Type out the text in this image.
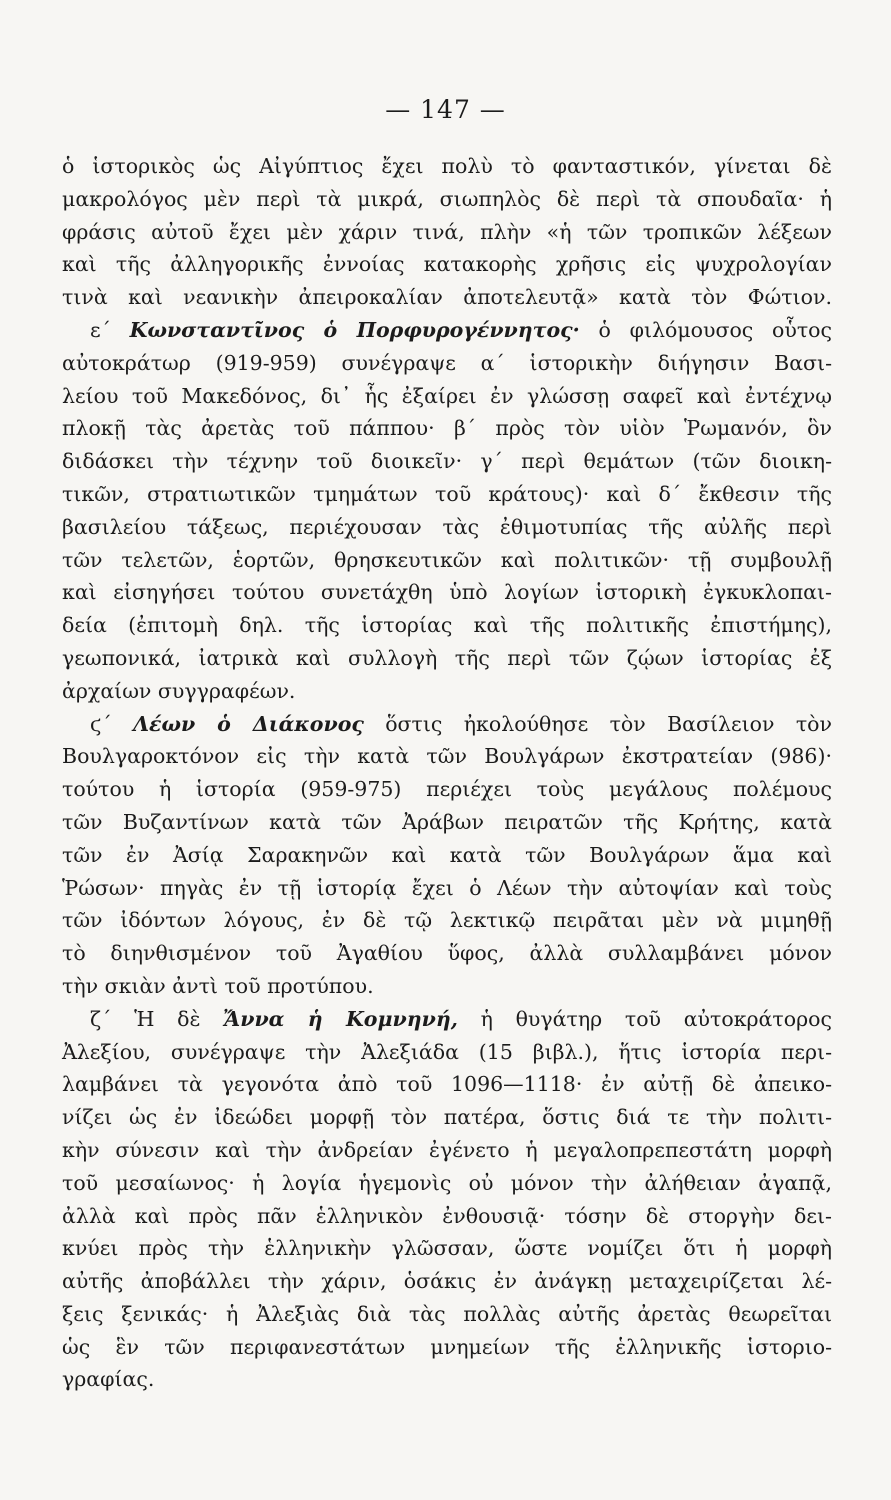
— 147 —
ὁ ἱστορικὸς ὡς Αἰγύπτιος ἔχει πολὺ τὸ φανταστικόν, γίνεται δὲ
μακρολόγος μὲν περὶ τὰ μικρά, σιωπηλὸς δὲ περὶ τὰ σπουδαῖα· ἡ
φράσις αὐτοῦ ἔχει μὲν χάριν τινά, πλὴν «ἡ τῶν τροπικῶν λέξεων
καὶ τῆς ἀλληγορικῆς ἐννοίας κατακορὴς χρῆσις εἰς ψυχρολογίαν
τινὰ καὶ νεανικὴν ἀπειροκαλίαν ἀποτελευτᾷ» κατὰ τὸν Φώτιον.
ε´ Κωνσταντῖνος ὁ Πορφυρογέννητος· ὁ φιλόμουσος οὗτος
αὐτοκράτωρ (919-959) συνέγραψε α´ ἱστορικὴν διήγησιν Βασι-
λείου τοῦ Μακεδόνος, δι᾽ ἧς ἐξαίρει ἐν γλώσσῃ σαφεῖ καὶ ἐντέχνῳ
πλοκῇ τὰς ἀρετὰς τοῦ πάππου· β´ πρὸς τὸν υἱὸν Ῥωμανόν, ὃν
διδάσκει τὴν τέχνην τοῦ διοικεῖν· γ´ περὶ θεμάτων (τῶν διοικη-
τικῶν, στρατιωτικῶν τμημάτων τοῦ κράτους)· καὶ δ´ ἔκθεσιν τῆς
βασιλείου τάξεως, περιέχουσαν τὰς ἐθιμοτυπίας τῆς αὐλῆς περὶ
τῶν τελετῶν, ἑορτῶν, θρησκευτικῶν καὶ πολιτικῶν· τῇ συμβουλῇ
καὶ εἰσηγήσει τούτου συνετάχθη ὑπὸ λογίων ἱστορικὴ ἐγκυκλοπαι-
δεία (ἐπιτομὴ δηλ. τῆς ἱστορίας καὶ τῆς πολιτικῆς ἐπιστήμης),
γεωπονικά, ἰατρικὰ καὶ συλλογὴ τῆς περὶ τῶν ζῴων ἱστορίας ἐξ
ἀρχαίων συγγραφέων.
ϛ´ Λέων ὁ Διάκονος ὅστις ἠκολούθησε τὸν Βασίλειον τὸν
Βουλγαροκτόνον εἰς τὴν κατὰ τῶν Βουλγάρων ἐκστρατείαν (986)·
τούτου ἡ ἱστορία (959-975) περιέχει τοὺς μεγάλους πολέμους
τῶν Βυζαντίνων κατὰ τῶν Ἀράβων πειρατῶν τῆς Κρήτης, κατὰ
τῶν ἐν Ἀσίᾳ Σαρακηνῶν καὶ κατὰ τῶν Βουλγάρων ἅμα καὶ
Ῥώσων· πηγὰς ἐν τῇ ἱστορίᾳ ἔχει ὁ Λέων τὴν αὐτοψίαν καὶ τοὺς
τῶν ἰδόντων λόγους, ἐν δὲ τῷ λεκτικῷ πειρᾶται μὲν νὰ μιμηθῇ
τὸ διηνθισμένον τοῦ Ἀγαθίου ὕφος, ἀλλὰ συλλαμβάνει μόνον
τὴν σκιὰν ἀντὶ τοῦ προτύπου.
ζ´ Ἡ δὲ Ἄννα ἡ Κομνηνή, ἡ θυγάτηρ τοῦ αὐτοκράτορος
Ἀλεξίου, συνέγραψε τὴν Ἀλεξιάδα (15 βιβλ.), ἥτις ἱστορία περι-
λαμβάνει τὰ γεγονότα ἀπὸ τοῦ 1096—1118· ἐν αὐτῇ δὲ ἀπεικο-
νίζει ὡς ἐν ἰδεώδει μορφῇ τὸν πατέρα, ὅστις διά τε τὴν πολιτι-
κὴν σύνεσιν καὶ τὴν ἀνδρείαν ἐγένετο ἡ μεγαλοπρεπεστάτη μορφὴ
τοῦ μεσαίωνος· ἡ λογία ἡγεμονὶς οὐ μόνον τὴν ἀλήθειαν ἀγαπᾷ,
ἀλλὰ καὶ πρὸς πᾶν ἑλληνικὸν ἐνθουσιᾷ· τόσην δὲ στοργὴν δει-
κνύει πρὸς τὴν ἑλληνικὴν γλῶσσαν, ὥστε νομίζει ὅτι ἡ μορφὴ
αὐτῆς ἀποβάλλει τὴν χάριν, ὁσάκις ἐν ἀνάγκῃ μεταχειρίζεται λέ-
ξεις ξενικάς· ἡ Ἀλεξιὰς διὰ τὰς πολλὰς αὐτῆς ἀρετὰς θεωρεῖται
ὡς ἓν τῶν περιφανεστάτων μνημείων τῆς ἑλληνικῆς ἱστοριο-
γραφίας.
